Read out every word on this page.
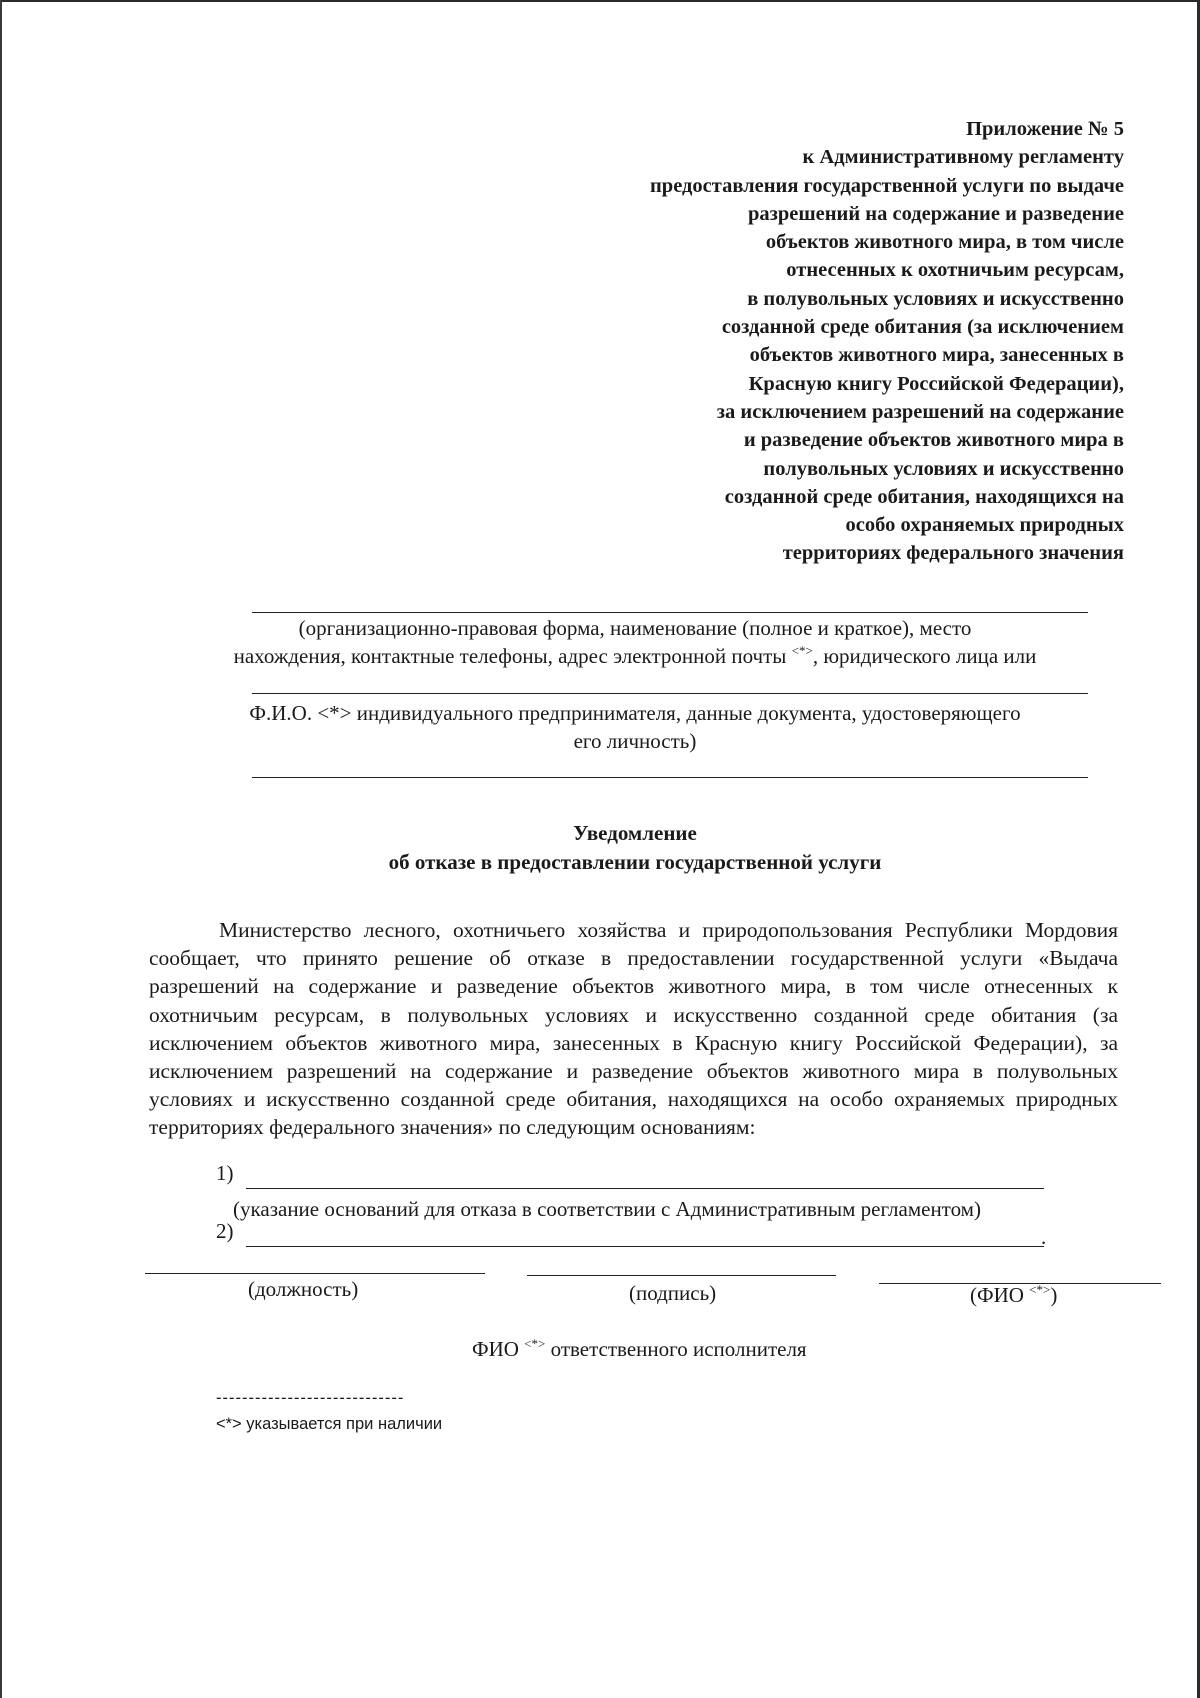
Приложение № 5
к Административному регламенту
предоставления государственной услуги по выдаче
разрешений на содержание и разведение
объектов животного мира, в том числе
отнесенных к охотничьим ресурсам,
в полувольных условиях и искусственно
созданной среде обитания (за исключением
объектов животного мира, занесенных в
Красную книгу Российской Федерации),
за исключением разрешений на содержание
и разведение объектов животного мира в
полувольных условиях и искусственно
созданной среде обитания, находящихся на
особо охраняемых природных
территориях федерального значения
(организационно-правовая форма, наименование (полное и краткое), место
нахождения, контактные телефоны, адрес электронной почты <*>, юридического лица или
Ф.И.О. <*> индивидуального предпринимателя, данные документа, удостоверяющего
его личность)
Уведомление
об отказе в предоставлении государственной услуги
Министерство лесного, охотничьего хозяйства и природопользования Республики Мордовия сообщает, что принято решение об отказе в предоставлении государственной услуги «Выдача разрешений на содержание и разведение объектов животного мира, в том числе отнесенных к охотничьим ресурсам, в полувольных условиях и искусственно созданной среде обитания (за исключением объектов животного мира, занесенных в Красную книгу Российской Федерации), за исключением разрешений на содержание и разведение объектов животного мира в полувольных условиях и искусственно созданной среде обитания, находящихся на особо охраняемых природных территориях федерального значения» по следующим основаниям:
1)
(указание оснований для отказа в соответствии с Административным регламентом)
2)	.
(должность)	(подпись)	(ФИО <*>)
ФИО <*> ответственного исполнителя
-----------------------------
<*> указывается при наличии
